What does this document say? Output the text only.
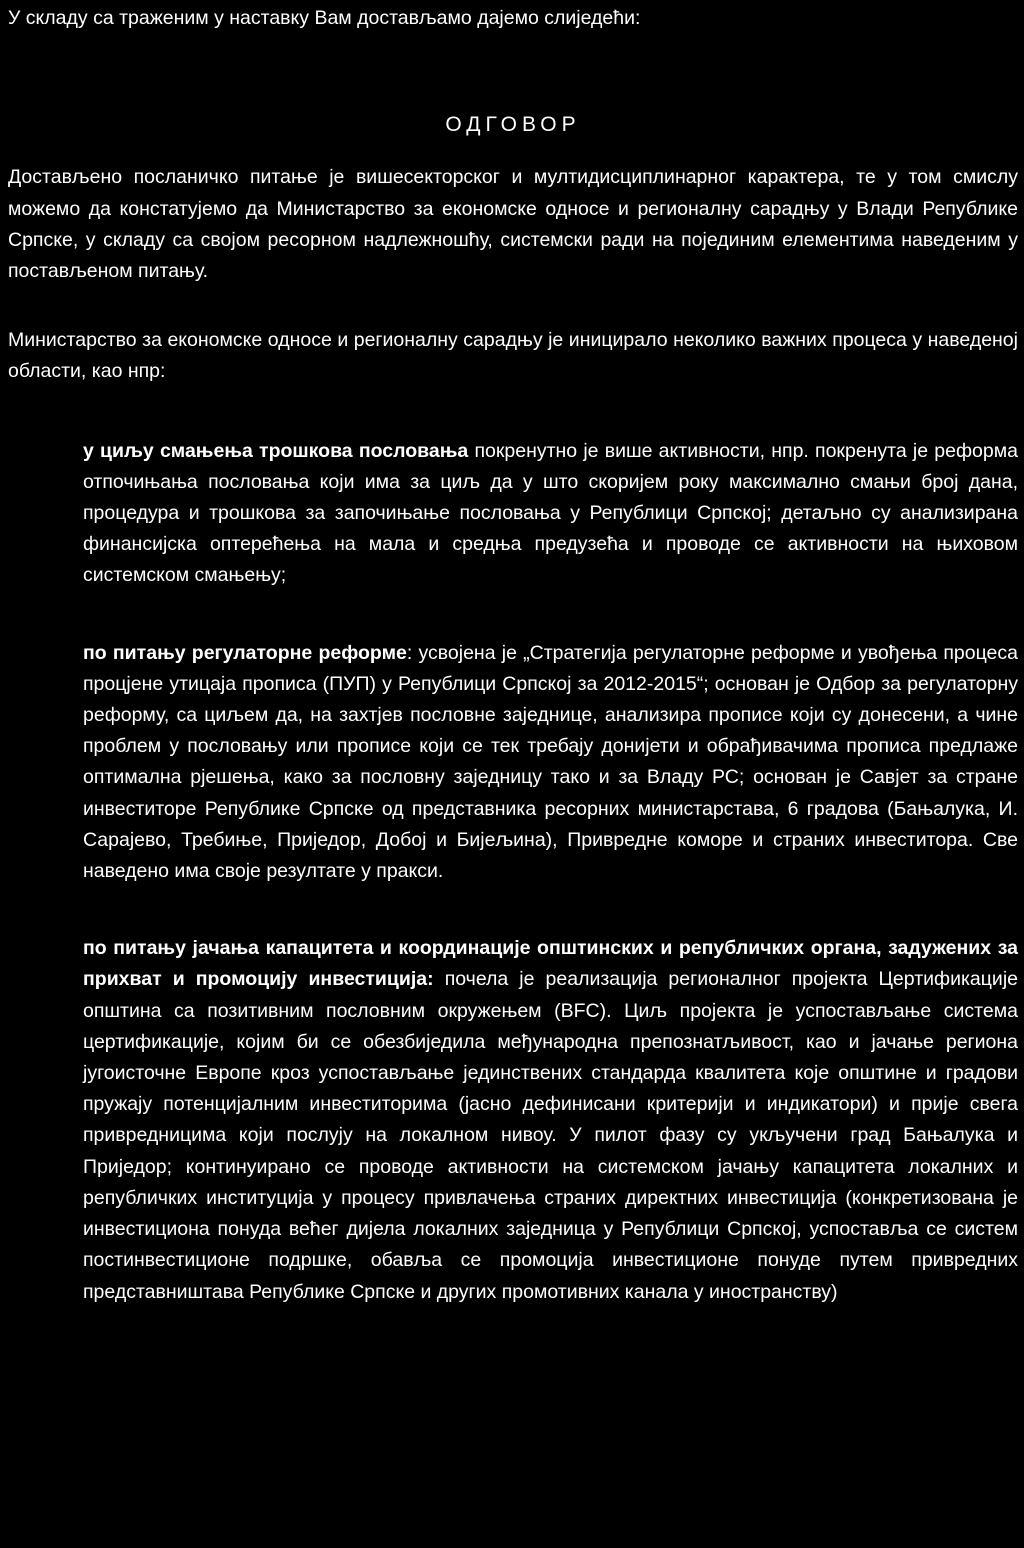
У складу са траженим у наставку Вам достављамо дајемо слиједећи:

ОДГОВОР

Достављено посланичко питање је вишесекторског и мултидисциплинарног карактера, те у том смислу можемо да констатујемо да Министарство за економске односе и регионалну сарадњу у Влади Републике Српске, у складу са својом ресорном надлежношћу, системски ради на појединим елементима наведеним у постављеном питању.

Министарство за економске односе и регионалну сарадњу је иницирало неколико важних процеса у наведеној области, као нпр:

у циљу смањења трошкова пословања покренутно је више активности, нпр. покренута је реформа отпочињања пословања који има за циљ да у што скоријем року максимално смањи број дана, процедура и трошкова за започињање пословања у Републици Српској; детаљно су анализирана финансијска оптерећења на мала и средња предузећа и проводе се активности на њиховом системском смањењу;

по питању регулаторне реформе: усвојена је „Стратегија регулаторне реформе и увођења процеса процјене утицаја прописа (ПУП) у Републици Српској за 2012-2015“; основан је Одбор за регулаторну реформу, са циљем да, на захтјев пословне заједнице, анализира прописе који су донесени, а чине проблем у пословању или прописе који се тек требају донијети и обрађивачима прописа предлаже оптимална рјешења, како за пословну заједницу тако и за Владу РС; основан је Савјет за стране инвеститоре Републике Српске од представника ресорних министарстава, 6 градова (Бањалука, И. Сарајево, Требиње, Приједор, Добој и Бијељина), Привредне коморе и страних инвеститора. Све наведено има своје резултате у пракси.

по питању јачања капацитета и координације општинских и републичких органа, задужених за прихват и промоцију инвестиција: почела је реализација регионалног пројекта Цертификације општина са позитивним пословним окружењем (BFC). Циљ пројекта је успостављање система цертификације, којим би се обезбиједила међународна препознатљивост, као и јачање регионa југоисточне Европе кроз успостављање јединствених стандарда квалитета које општине и градови пружају потенцијалним инвеститорима (јасно дефинисани критерији и индикатори) и прије свега привредницима који послују на локалном нивоу. У пилот фазу су укључени град Бањалука и Приједор; континуирано се проводе активности на системском јачању капацитета локалних и републичких институција у процесу привлачења страних директних инвестиција (конкретизована је инвестициона понуда већег дијела локалних заједница у Републици Српској, успоставља се систем постинвестиционе подршке, обавља се промоција инвестиционе понуде путем привредних представништава Републике Српске и других промотивних канала у иностранству)
